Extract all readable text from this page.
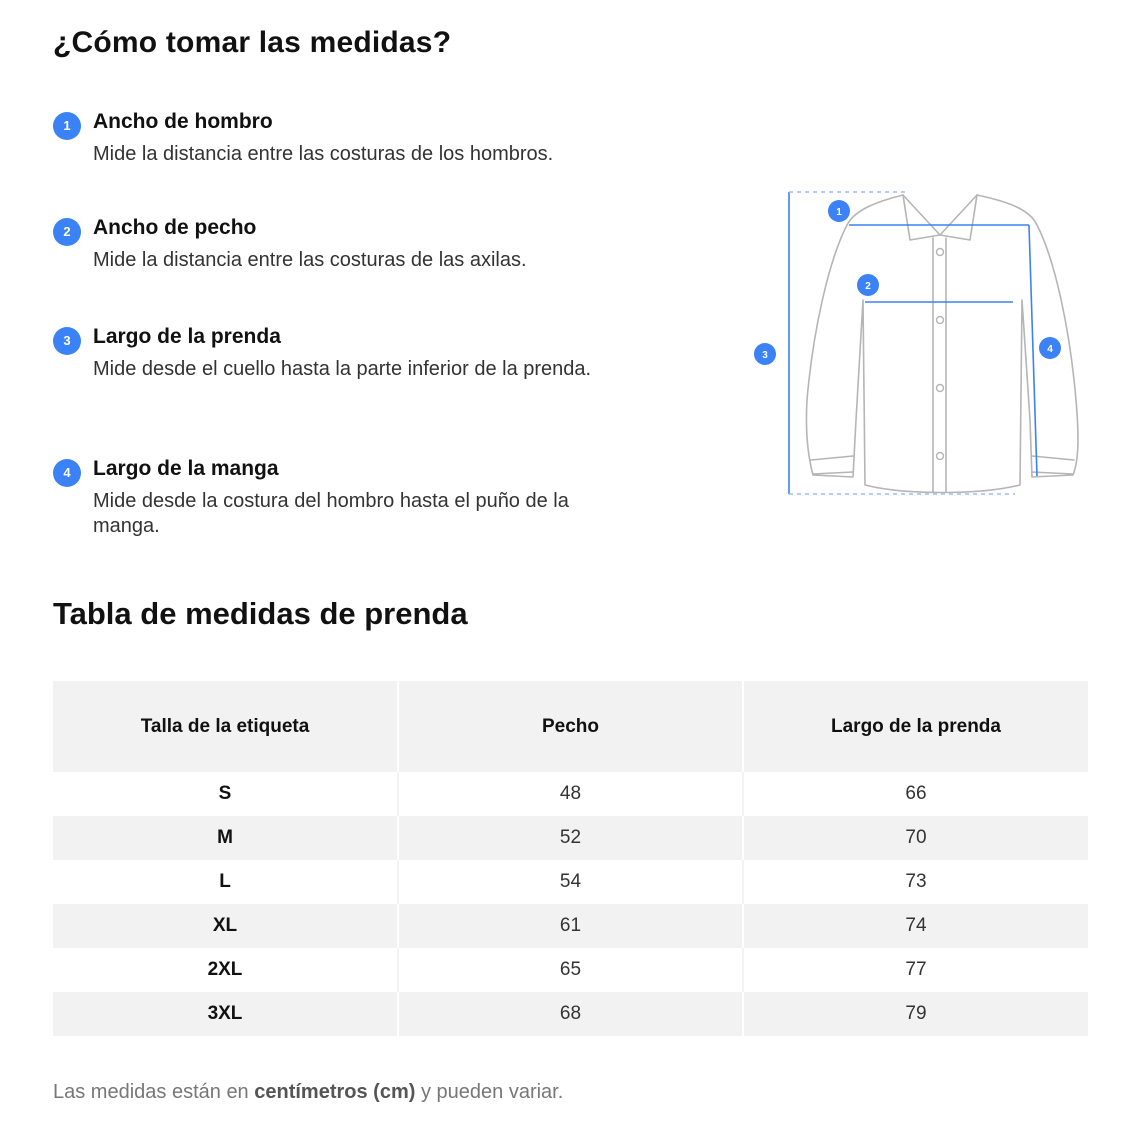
¿Cómo tomar las medidas?
1	Ancho de hombro
Mide la distancia entre las costuras de los hombros.
2	Ancho de pecho
Mide la distancia entre las costuras de las axilas.
3	Largo de la prenda
Mide desde el cuello hasta la parte inferior de la prenda.
4	Largo de la manga
Mide desde la costura del hombro hasta el puño de la manga.
1
2
3
4
Tabla de medidas de prenda
Talla de la etiqueta	Pecho	Largo de la prenda
S	48	66
M	52	70
L	54	73
XL	61	74
2XL	65	77
3XL	68	79
Las medidas están en centímetros (cm) y pueden variar.
